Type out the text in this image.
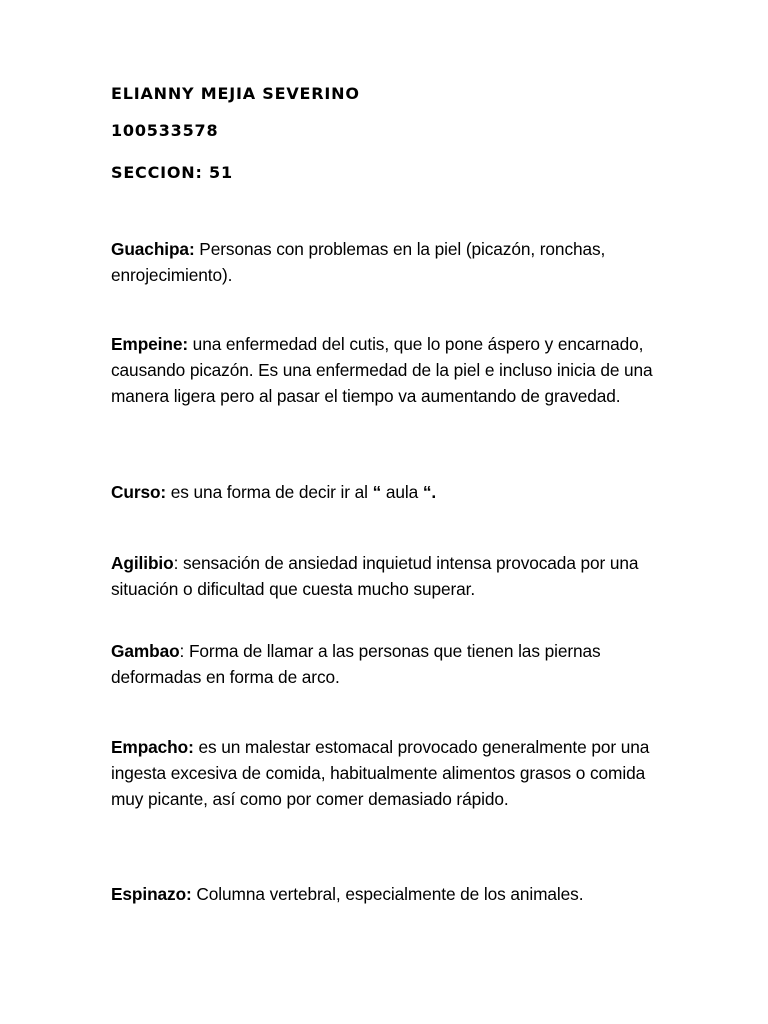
ELIANNY MEJIA SEVERINO
100533578
SECCION: 51
Guachipa: Personas con problemas en la piel (picazón, ronchas, enrojecimiento).
Empeine: una enfermedad del cutis, que lo pone áspero y encarnado, causando picazón. Es una enfermedad de la piel e incluso inicia de una manera ligera pero al pasar el tiempo va aumentando de gravedad.
Curso: es una forma de decir ir al “ aula “.
Agilibio: sensación de ansiedad inquietud intensa provocada por una situación o dificultad que cuesta mucho superar.
Gambao: Forma de llamar a las personas que tienen las piernas deformadas en forma de arco.
Empacho: es un malestar estomacal provocado generalmente por una ingesta excesiva de comida, habitualmente alimentos grasos o comida muy picante, así como por comer demasiado rápido.
Espinazo: Columna vertebral, especialmente de los animales.
